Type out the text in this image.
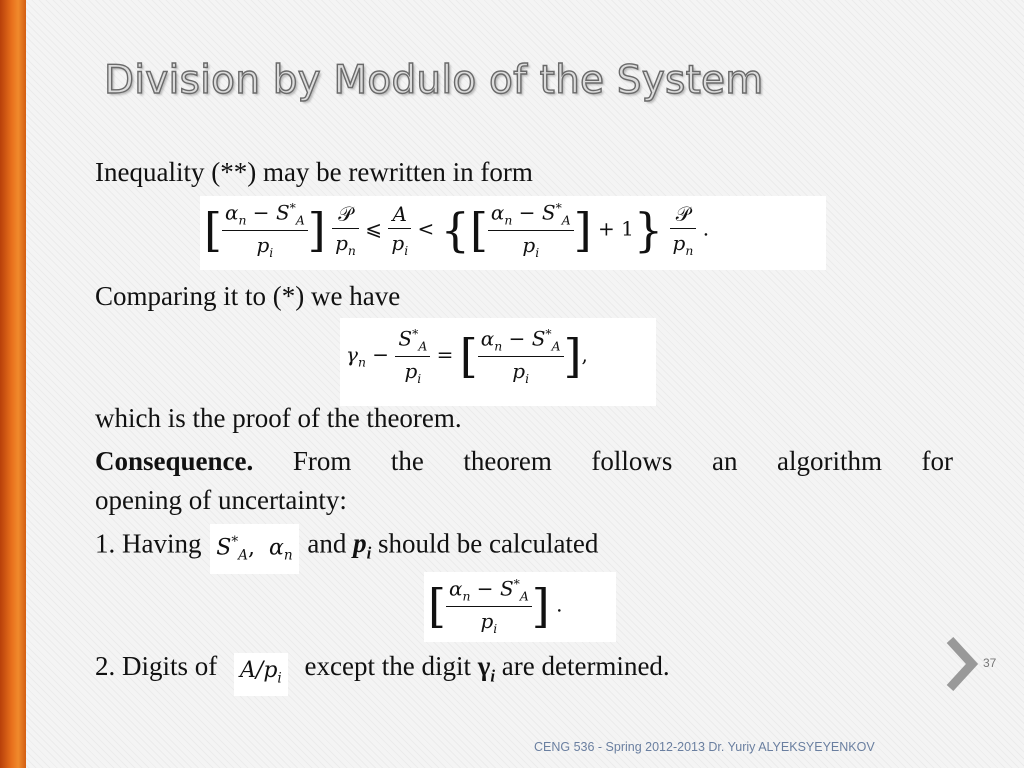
Division by Modulo of the System
Inequality (**) may be rewritten in form
[ $\frac{\alpha_n - S^*_A}{p_i}$ ] $\frac{\text{𝒫}}{p_n}$ ⩽ $\frac{A}{p_i}$ < {[ $\frac{\alpha_n - S^*_A}{p_i}$ ] + $1\} \frac{\text{𝒫}}{p_n}$ .
Comparing it to (*) we have
$\gamma_n - \frac{S^*_A}{p_i}$ = [ $\frac{\alpha_n - S^*_A}{p_i}$ ],
which is the proof of the theorem.
Consequence. From the theorem follows an algorithm for
opening of uncertainty:
1. Having $S^*_A$, $\alpha_n$ and $p_i$ should be calculated
[ $\frac{\alpha_n - S^*_A}{p_i}$ ] .
2. Digits of $A/p_i$ except the digit $\gamma_i$ are determined.	37
CENG 536 - Spring 2012-2013 Dr. Yuriy ALYEKSYEYENKOV
